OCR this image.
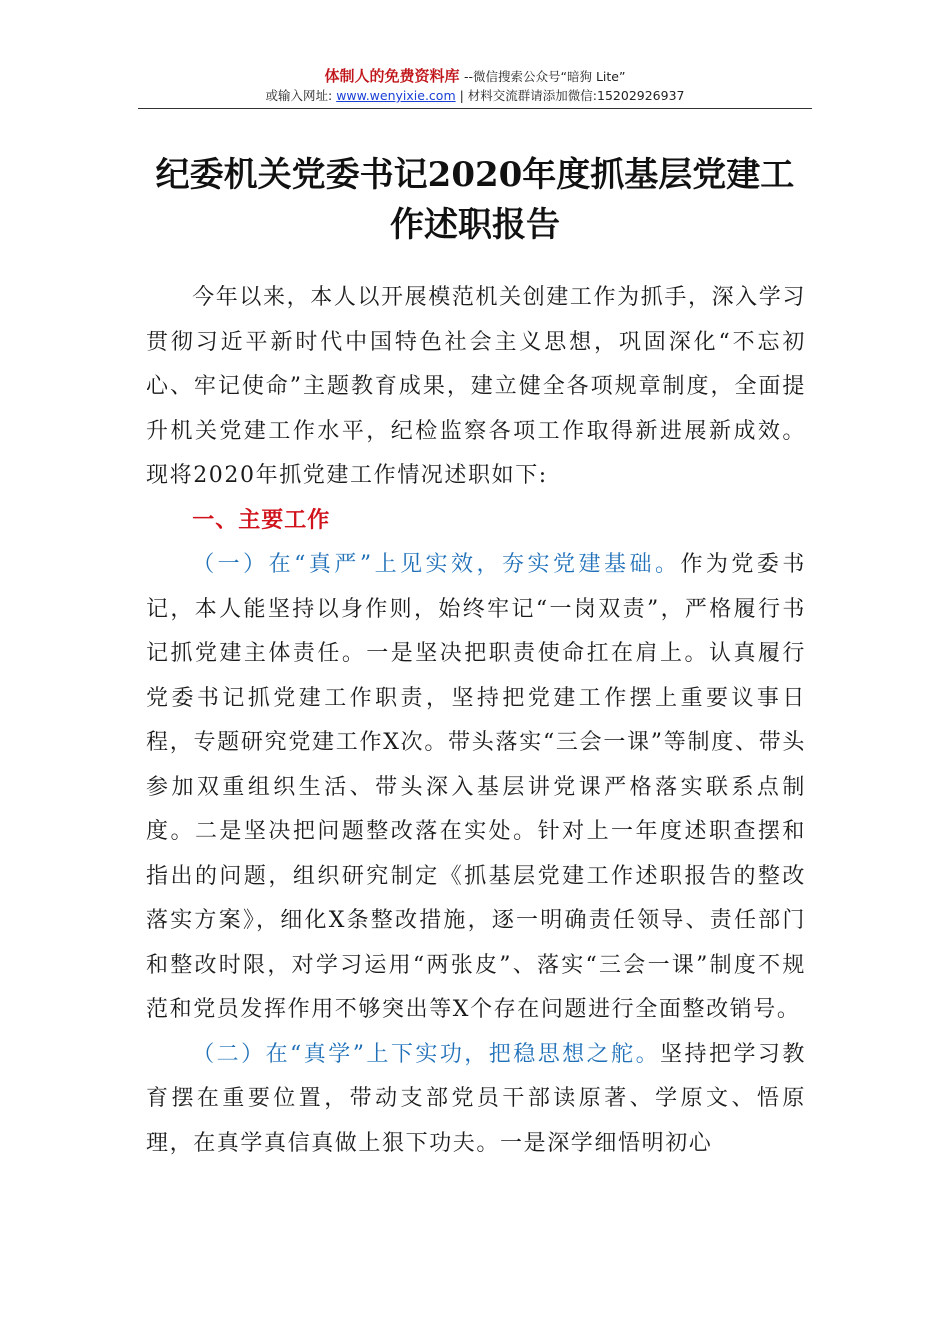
体制人的免费资料库 --微信搜索公众号“暗狗 Lite”
或输入网址: www.wenyixie.com | 材料交流群请添加微信:15202926937
纪委机关党委书记2020年度抓基层党建工
作述职报告

今年以来，本人以开展模范机关创建工作为抓手，深入学习贯彻习近平新时代中国特色社会主义思想，巩固深化“不忘初心、牢记使命”主题教育成果，建立健全各项规章制度，全面提升机关党建工作水平，纪检监察各项工作取得新进展新成效。现将2020年抓党建工作情况述职如下:

一、主要工作

（一）在“真严”上见实效，夯实党建基础。作为党委书记，本人能坚持以身作则，始终牢记“一岗双责”，严格履行书记抓党建主体责任。一是坚决把职责使命扛在肩上。认真履行党委书记抓党建工作职责，坚持把党建工作摆上重要议事日程，专题研究党建工作X次。带头落实“三会一课”等制度、带头参加双重组织生活、带头深入基层讲党课严格落实联系点制度。二是坚决把问题整改落在实处。针对上一年度述职查摆和指出的问题，组织研究制定《抓基层党建工作述职报告的整改落实方案》，细化X条整改措施，逐一明确责任领导、责任部门和整改时限，对学习运用“两张皮”、落实“三会一课”制度不规范和党员发挥作用不够突出等X个存在问题进行全面整改销号。

（二）在“真学”上下实功，把稳思想之舵。坚持把学习教育摆在重要位置，带动支部党员干部读原著、学原文、悟原理，在真学真信真做上狠下功夫。一是深学细悟明初心
